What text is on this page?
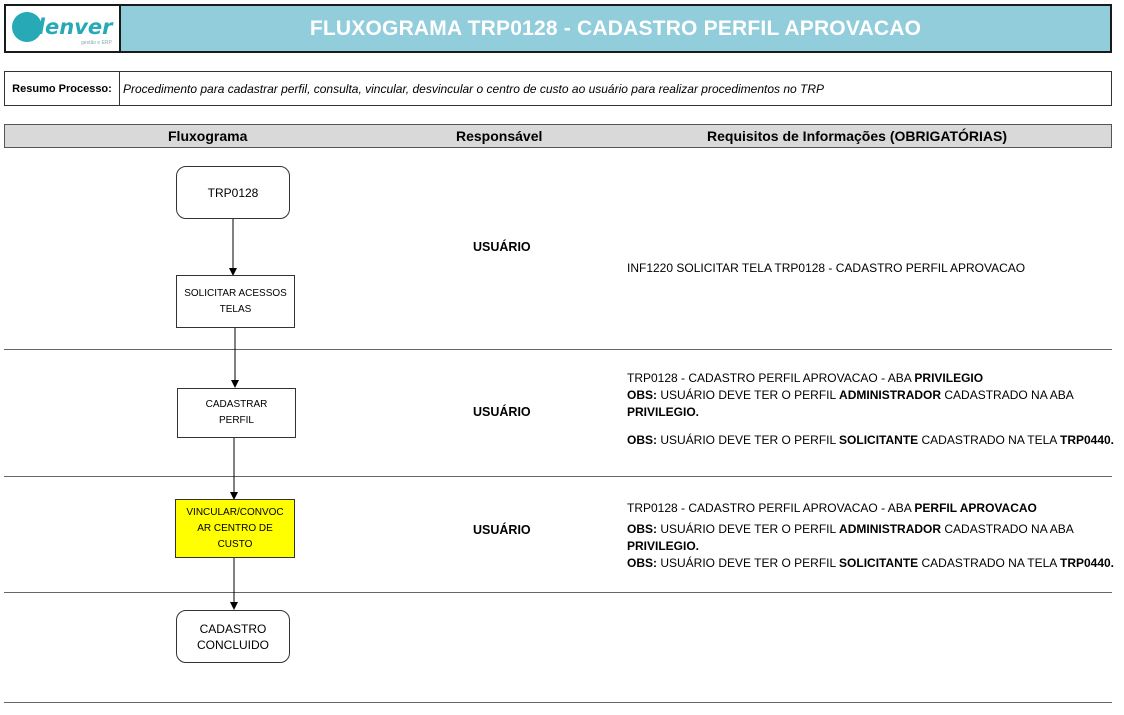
denver
gestão e ERP
FLUXOGRAMA TRP0128 - CADASTRO PERFIL APROVACAO
Resumo Processo: Procedimento para cadastrar perfil, consulta, vincular, desvincular o centro de custo ao usuário para realizar procedimentos no TRP
Fluxograma	Responsável	Requisitos de Informações (OBRIGATÓRIAS)
TRP0128
SOLICITAR ACESSOS
TELAS
CADASTRAR
PERFIL
VINCULAR/CONVOC
AR CENTRO DE
CUSTO
CADASTRO
CONCLUIDO
USUÁRIO
USUÁRIO
USUÁRIO
INF1220 SOLICITAR TELA TRP0128 - CADASTRO PERFIL APROVACAO
TRP0128 - CADASTRO PERFIL APROVACAO - ABA PRIVILEGIO
OBS: USUÁRIO DEVE TER O PERFIL ADMINISTRADOR CADASTRADO NA ABA
PRIVILEGIO.
OBS: USUÁRIO DEVE TER O PERFIL SOLICITANTE CADASTRADO NA TELA TRP0440.
TRP0128 - CADASTRO PERFIL APROVACAO - ABA PERFIL APROVACAO
OBS: USUÁRIO DEVE TER O PERFIL ADMINISTRADOR CADASTRADO NA ABA
PRIVILEGIO.
OBS: USUÁRIO DEVE TER O PERFIL SOLICITANTE CADASTRADO NA TELA TRP0440.
